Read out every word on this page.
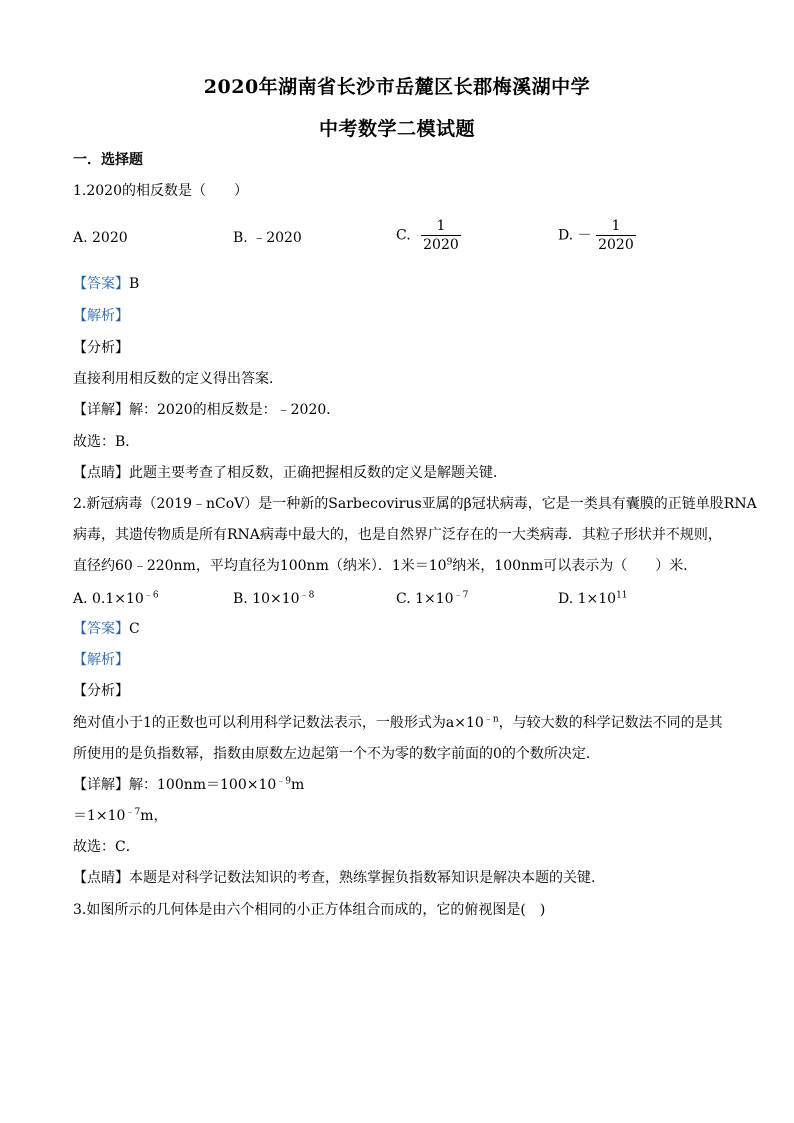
2020年湖南省长沙市岳麓区长郡梅溪湖中学
中考数学二模试题
一．选择题
1.2020的相反数是（　　）
A. 2020	B. ﹣2020	C. $\frac{1}{2020}$	D. － $\frac{1}{2020}$
【答案】B
【解析】
【分析】
直接利用相反数的定义得出答案．
【详解】解：2020的相反数是：﹣2020．
故选：B．
【点睛】此题主要考查了相反数，正确把握相反数的定义是解题关键．
2.新冠病毒（2019﹣nCoV）是一种新的Sarbecovirus亚属的β冠状病毒，它是一类具有囊膜的正链单股RNA
病毒，其遗传物质是所有RNA病毒中最大的，也是自然界广泛存在的一大类病毒．其粒子形状并不规则，
直径约60﹣220nm，平均直径为100nm（纳米）．1米$=10^9$纳米，100nm可以表示为（　　）米．
A. $0.1\times 10^{﹣6}$	B. $10\times 10^{﹣8}$	C. $1\times 10^{﹣7}$	D. $1\times 10^{11}$
【答案】C
【解析】
【分析】
绝对值小于1的正数也可以利用科学记数法表示，一般形式为$a\times 10^{﹣n}$，与较大数的科学记数法不同的是其
所使用的是负指数幂，指数由原数左边起第一个不为零的数字前面的0的个数所决定．
【详解】解：$100nm=100\times 10^{﹣9}m$
$=1\times 10^{﹣7}m$，
故选：C．
【点睛】本题是对科学记数法知识的考查，熟练掌握负指数幂知识是解决本题的关键.
3.如图所示的几何体是由六个相同的小正方体组合而成的，它的俯视图是(　)
